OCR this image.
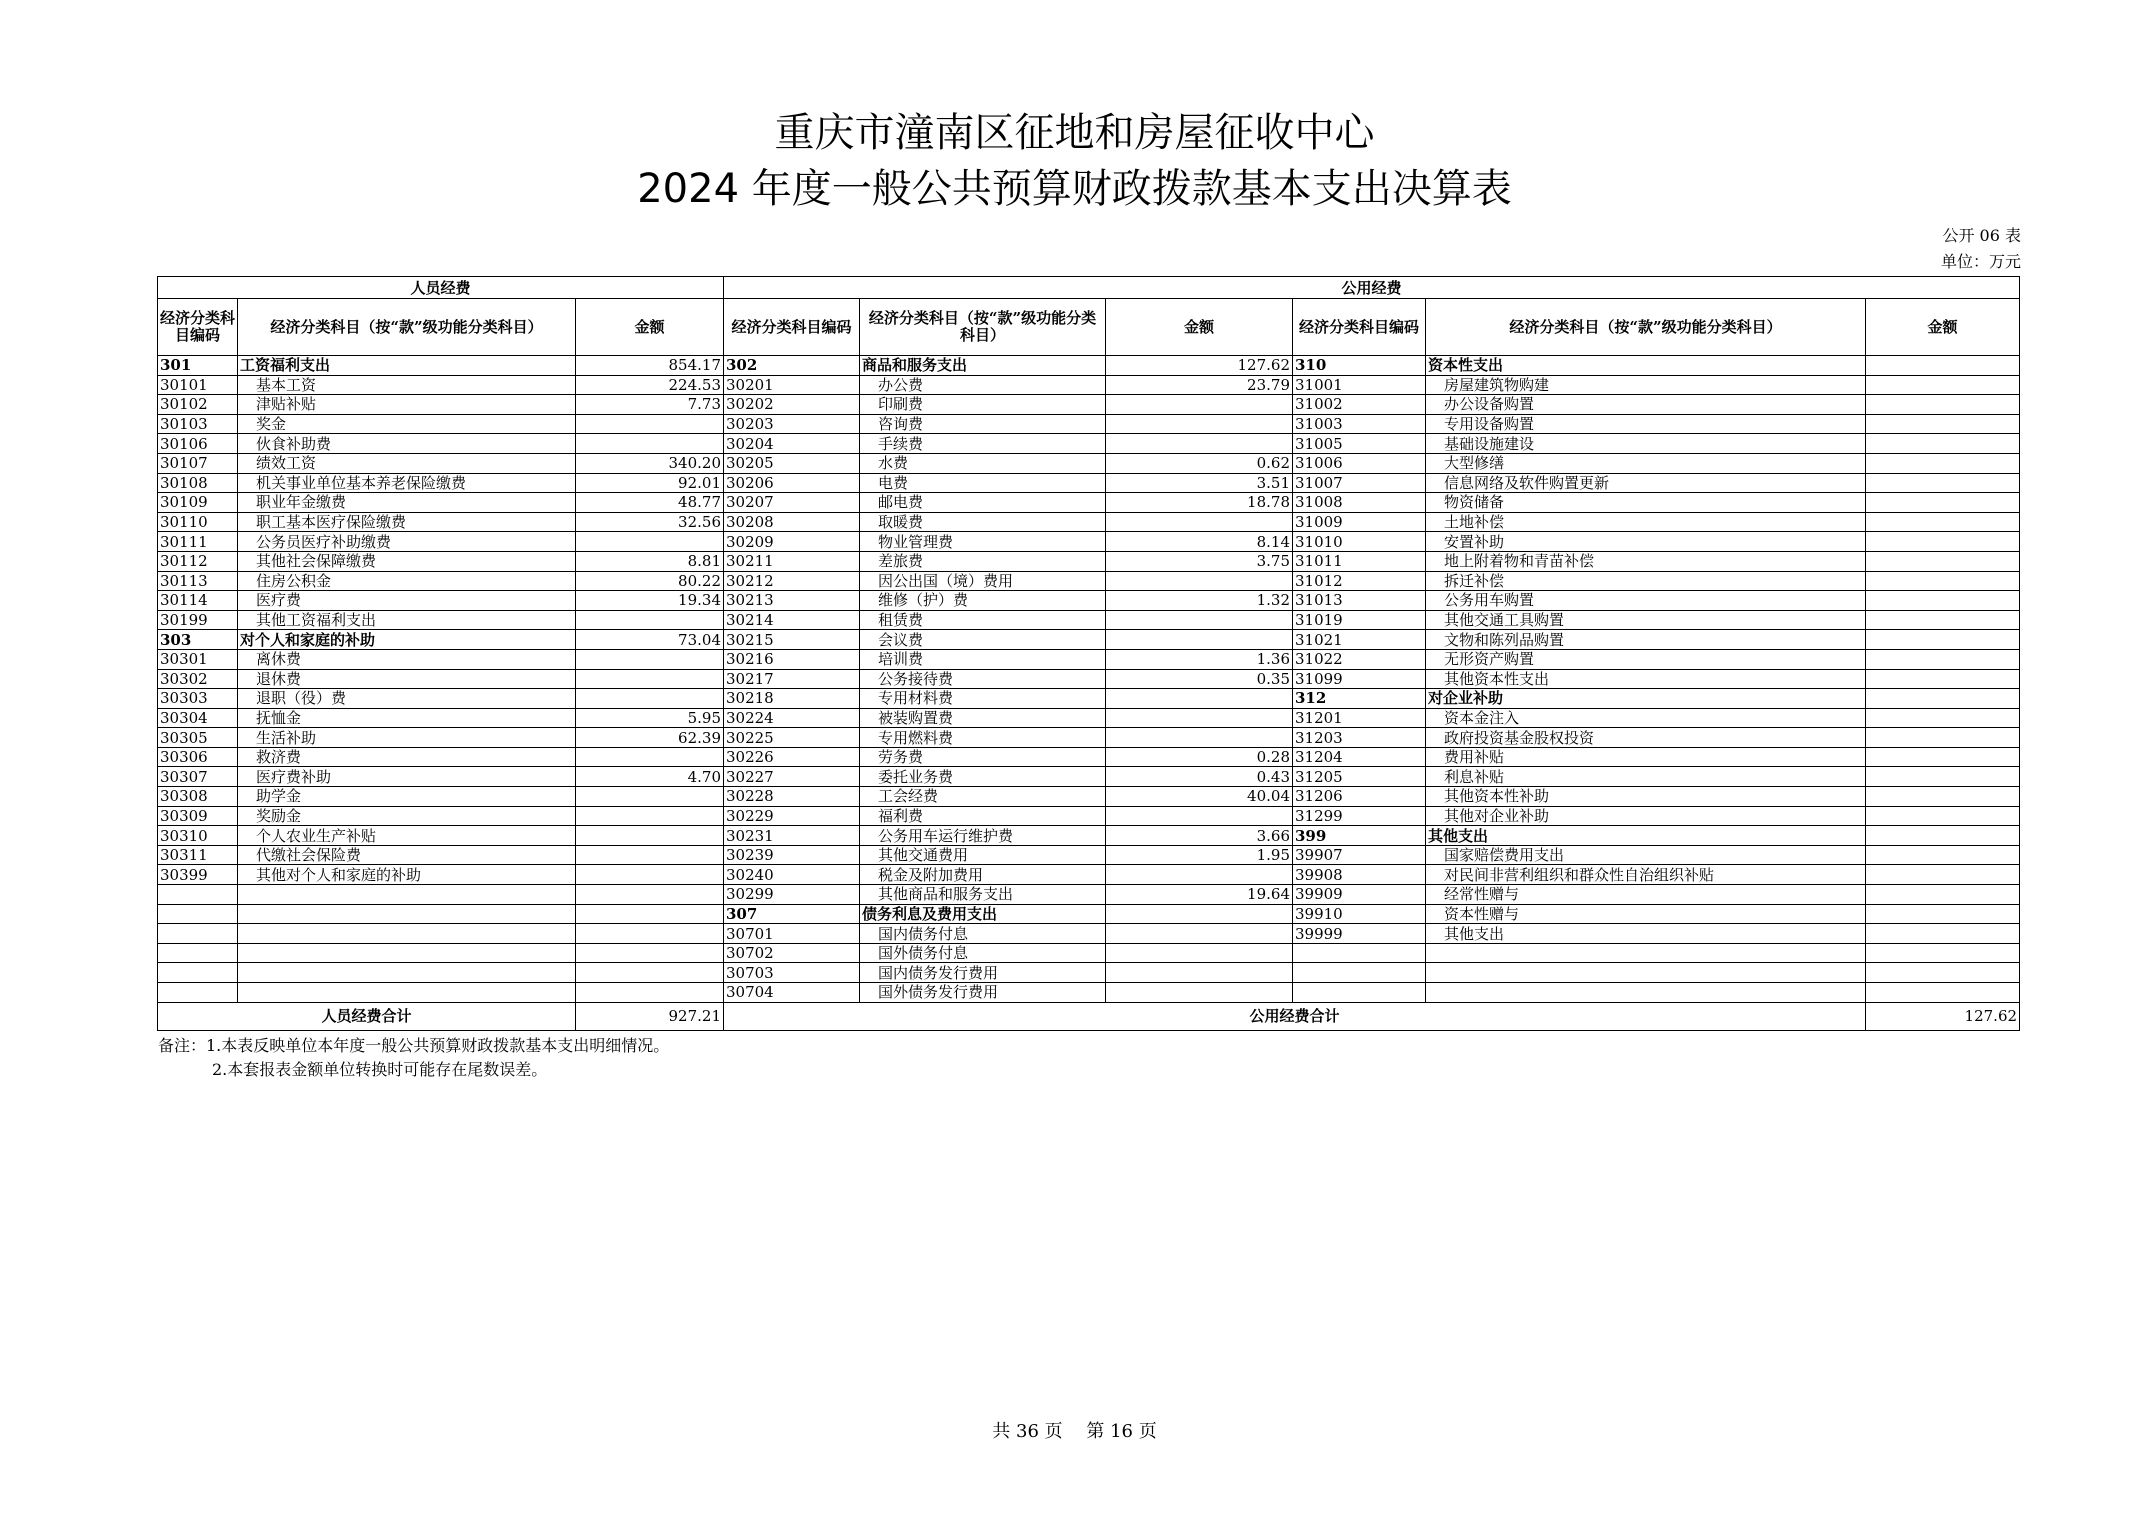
重庆市潼南区征地和房屋征收中心
2024 年度一般公共预算财政拨款基本支出决算表
公开 06 表
单位：万元
人员经费			公用经费					
经济分类科目编码	经济分类科目（按“款”级功能分类科目）	金额	经济分类科目编码	经济分类科目（按“款”级功能分类科目）	金额	经济分类科目编码	经济分类科目（按“款”级功能分类科目）	金额
301	工资福利支出	854.17	302	商品和服务支出	127.62	310	资本性支出	
30101	基本工资	224.53	30201	办公费	23.79	31001	房屋建筑物购建	
30102	津贴补贴	7.73	30202	印刷费		31002	办公设备购置	
30103	奖金		30203	咨询费		31003	专用设备购置	
30106	伙食补助费		30204	手续费		31005	基础设施建设	
30107	绩效工资	340.20	30205	水费	0.62	31006	大型修缮	
30108	机关事业单位基本养老保险缴费	92.01	30206	电费	3.51	31007	信息网络及软件购置更新	
30109	职业年金缴费	48.77	30207	邮电费	18.78	31008	物资储备	
30110	职工基本医疗保险缴费	32.56	30208	取暖费		31009	土地补偿	
30111	公务员医疗补助缴费		30209	物业管理费	8.14	31010	安置补助	
30112	其他社会保障缴费	8.81	30211	差旅费	3.75	31011	地上附着物和青苗补偿	
30113	住房公积金	80.22	30212	因公出国（境）费用		31012	拆迁补偿	
30114	医疗费	19.34	30213	维修（护）费	1.32	31013	公务用车购置	
30199	其他工资福利支出		30214	租赁费		31019	其他交通工具购置	
303	对个人和家庭的补助	73.04	30215	会议费		31021	文物和陈列品购置	
30301	离休费		30216	培训费	1.36	31022	无形资产购置	
30302	退休费		30217	公务接待费	0.35	31099	其他资本性支出	
30303	退职（役）费		30218	专用材料费		312	对企业补助	
30304	抚恤金	5.95	30224	被装购置费		31201	资本金注入	
30305	生活补助	62.39	30225	专用燃料费		31203	政府投资基金股权投资	
30306	救济费		30226	劳务费	0.28	31204	费用补贴	
30307	医疗费补助	4.70	30227	委托业务费	0.43	31205	利息补贴	
30308	助学金		30228	工会经费	40.04	31206	其他资本性补助	
30309	奖励金		30229	福利费		31299	其他对企业补助	
30310	个人农业生产补贴		30231	公务用车运行维护费	3.66	399	其他支出	
30311	代缴社会保险费		30239	其他交通费用	1.95	39907	国家赔偿费用支出	
30399	其他对个人和家庭的补助		30240	税金及附加费用		39908	对民间非营利组织和群众性自治组织补贴	
			30299	其他商品和服务支出	19.64	39909	经常性赠与	
			307	债务利息及费用支出		39910	资本性赠与	
			30701	国内债务付息		39999	其他支出	
			30702	国外债务付息				
			30703	国内债务发行费用				
			30704	国外债务发行费用				
人员经费合计		927.21	公用经费合计					127.62
备注：1.本表反映单位本年度一般公共预算财政拨款基本支出明细情况。
2.本套报表金额单位转换时可能存在尾数误差。
共 36 页　 第 16 页
